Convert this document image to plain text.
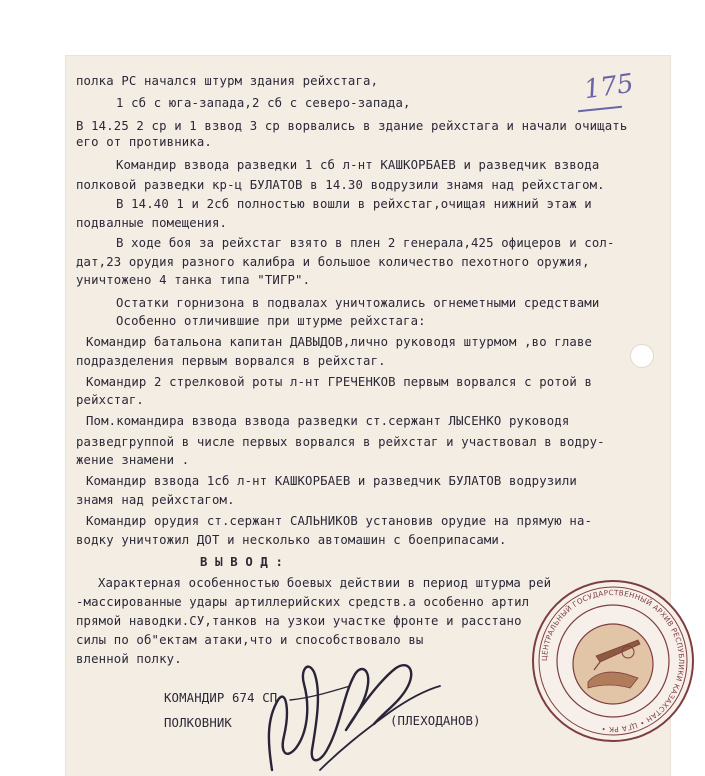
175
полка РС начался штурм здания рейхстага,
1 сб с юга-запада,2 сб с северо-запада,
В 14.25 2 ср и 1 взвод 3 ср ворвались в здание рейхстага и начали очищать
его от противника.
Командир взвода разведки 1 сб л-нт КАШКОРБАЕВ и разведчик взвода
полковой разведки кр-ц БУЛАТОВ в 14.30 водрузили знамя над рейхстагом.
В 14.40 1 и 2сб полностью вошли в рейхстаг,очищая нижний этаж и
подвалные помещения.
В ходе боя за рейхстаг взято в плен 2 генерала,425 офицеров и сол-
дат,23 орудия разного калибра и большое количество пехотного оружия,
уничтожено 4 танка типа "ТИГР".
Остатки горнизона в подвалах уничтожались огнеметными средствами
Особенно отличившие при штурме рейхстага:
Командир батальона капитан ДАВЫДОВ,лично руководя штурмом ,во главе
подразделения первым ворвался в рейхстаг.
Командир 2 стрелковой роты л-нт ГРЕЧЕНКОВ первым ворвался с ротой в
рейхстаг.
Пом.командира взвода взвода разведки ст.сержант ЛЫСЕНКО руководя
разведгруппой в числе первых ворвался в рейхстаг и участвовал в водру-
жение знамени .
Командир взвода 1сб л-нт КАШКОРБАЕВ и разведчик БУЛАТОВ водрузили
знамя над рейхстагом.
Командир орудия ст.сержант САЛЬНИКОВ установив орудие на прямую на-
водку уничтожил ДОТ и несколько автомашин с боеприпасами.
В Ы В О Д :
Характерная особенностью боевых действии в период штурма рей
-массированные удары артиллерийских средств.а особенно артил
прямой наводки.СУ,танков на узкои участке фронте и расстано
силы по об"ектам атаки,что и способствовало вы
вленной полку.
КОМАНДИР 674 СП
ПОЛКОВНИК	(ПЛЕХОДАНОВ)
ЦЕНТРАЛЬНЫЙ ГОСУДАРСТВЕННЫЙ АРХИВ РЕСПУБЛИКИ КАЗАХСТАН • ЦГА РК •
